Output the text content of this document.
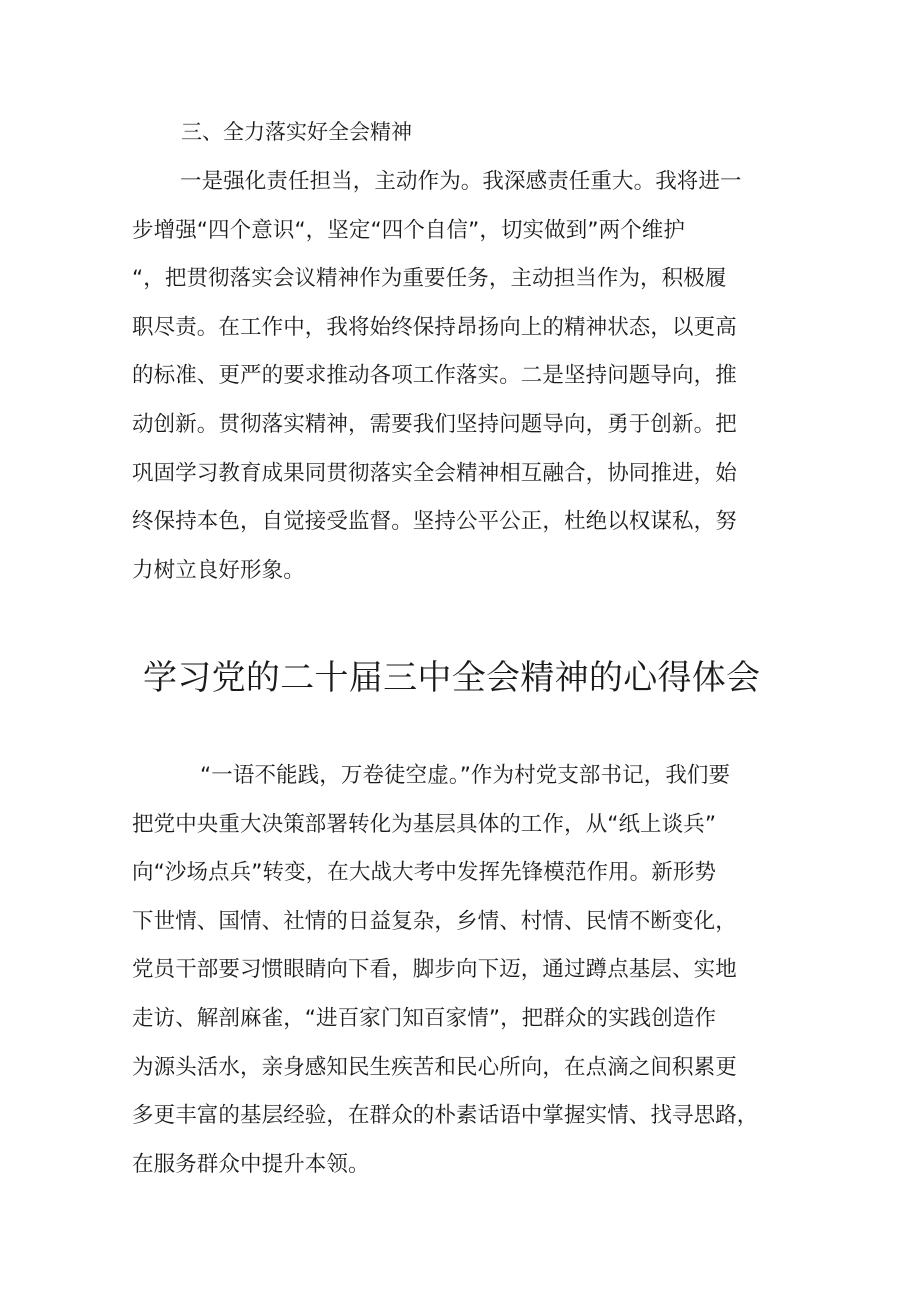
三、全力落实好全会精神
一是强化责任担当，主动作为。我深感责任重大。我将进一
步增强“四个意识“，坚定“四个自信”，切实做到”两个维护
“，把贯彻落实会议精神作为重要任务，主动担当作为，积极履
职尽责。在工作中，我将始终保持昂扬向上的精神状态，以更高
的标准、更严的要求推动各项工作落实。二是坚持问题导向，推
动创新。贯彻落实精神，需要我们坚持问题导向，勇于创新。把
巩固学习教育成果同贯彻落实全会精神相互融合，协同推进，始
终保持本色，自觉接受监督。坚持公平公正，杜绝以权谋私，努
力树立良好形象。
学习党的二十届三中全会精神的心得体会
“一语不能践，万卷徒空虚。”作为村党支部书记，我们要
把党中央重大决策部署转化为基层具体的工作，从“纸上谈兵”
向“沙场点兵”转变，在大战大考中发挥先锋模范作用。新形势
下世情、国情、社情的日益复杂，乡情、村情、民情不断变化，
党员干部要习惯眼睛向下看，脚步向下迈，通过蹲点基层、实地
走访、解剖麻雀，“进百家门知百家情”，把群众的实践创造作
为源头活水，亲身感知民生疾苦和民心所向，在点滴之间积累更
多更丰富的基层经验，在群众的朴素话语中掌握实情、找寻思路，
在服务群众中提升本领。
